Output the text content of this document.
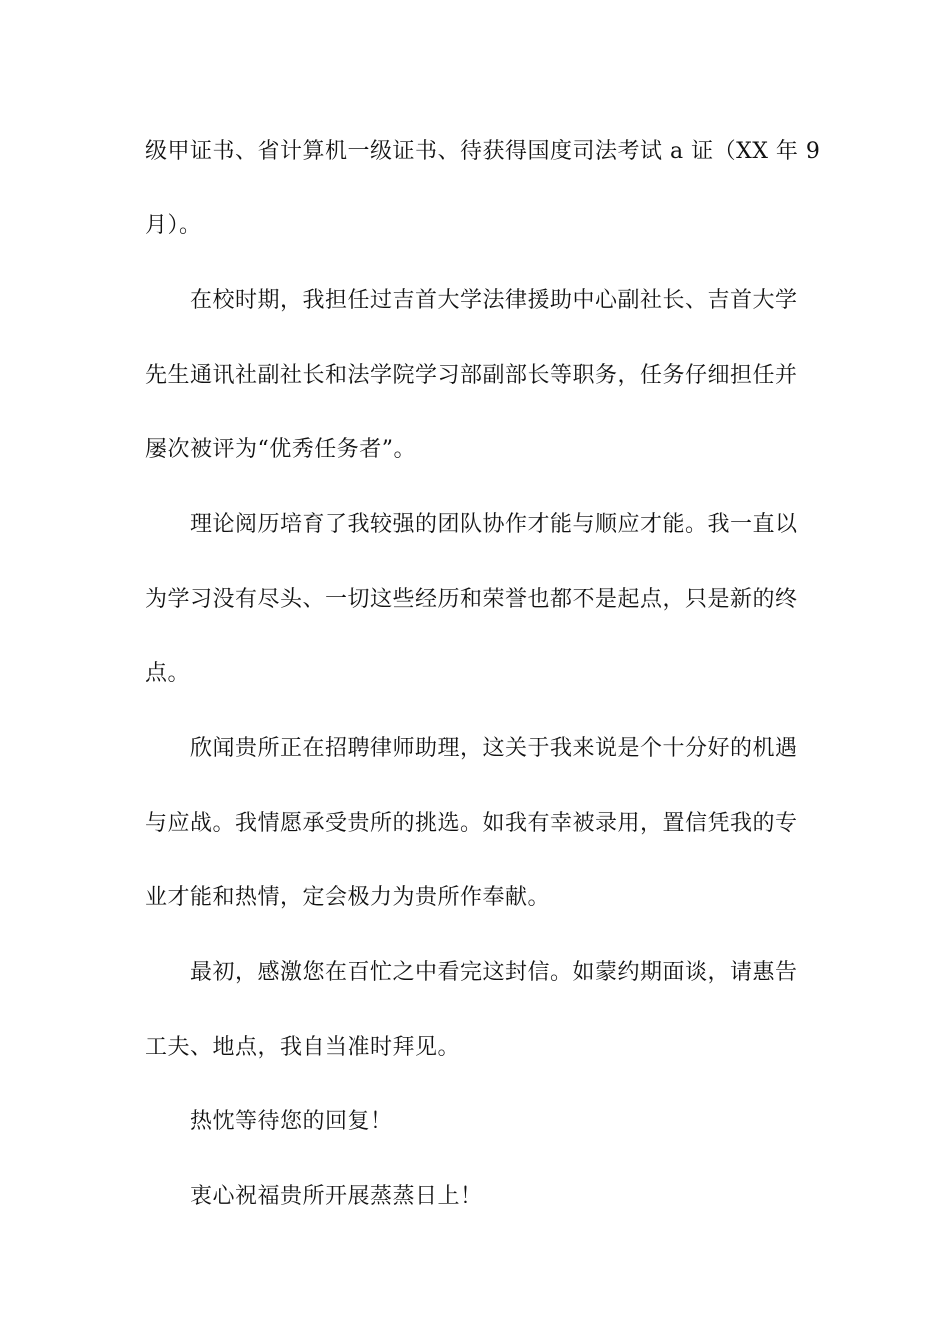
级甲证书、省计算机一级证书、待获得国度司法考试 a 证（XX 年 9
月）。
在校时期，我担任过吉首大学法律援助中心副社长、吉首大学
先生通讯社副社长和法学院学习部副部长等职务，任务仔细担任并
屡次被评为“优秀任务者”。
理论阅历培育了我较强的团队协作才能与顺应才能。我一直以
为学习没有尽头、一切这些经历和荣誉也都不是起点，只是新的终
点。
欣闻贵所正在招聘律师助理，这关于我来说是个十分好的机遇
与应战。我情愿承受贵所的挑选。如我有幸被录用，置信凭我的专
业才能和热情，定会极力为贵所作奉献。
最初，感激您在百忙之中看完这封信。如蒙约期面谈，请惠告
工夫、地点，我自当准时拜见。
热忱等待您的回复！
衷心祝福贵所开展蒸蒸日上！
